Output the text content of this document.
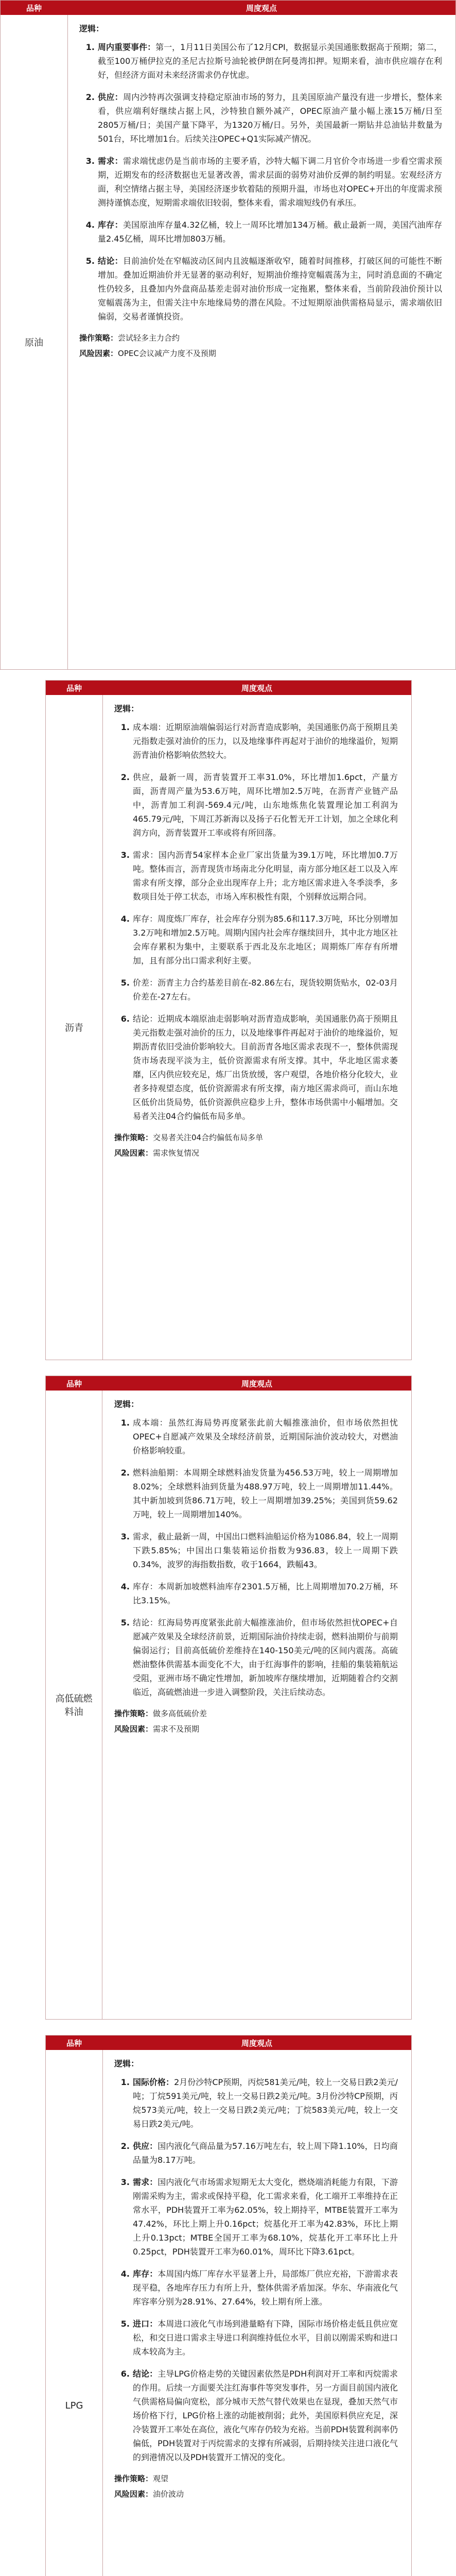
品种	周度观点
原油
逻辑：
1. 周内重要事件：第一，1月11日美国公布了12月CPI，数据显示美国通胀数据高于预期；第二，截至100万桶伊拉克的圣尼古拉斯号油轮被伊朗在阿曼湾扣押。短期来看，油市供应端存在利好，但经济方面对未来经济需求仍存忧虑。
2. 供应：周内沙特再次强调支持稳定原油市场的努力，且美国原油产量没有进一步增长，整体来看，供应端利好继续占据上风，沙特独自额外减产，OPEC原油产量小幅上涨15万桶/日至2805万桶/日；美国产量下降平，为1320万桶/日。另外，美国最新一期钻井总油钻井数量为501台，环比增加1台。后续关注OPEC+Q1实际减产情况。
3. 需求：需求端忧虑仍是当前市场的主要矛盾，沙特大幅下调二月官价令市场进一步看空需求预期，近期发布的经济数据也无显著改善，需求层面的弱势对油价反弹的制约明显。宏观经济方面，利空情绪占据主导，美国经济逐步软着陆的预期升温，市场也对OPEC+开出的年度需求预测持谨慎态度，短期需求端依旧较弱，整体来看，需求端短线仍有承压。
4. 库存：美国原油库存量4.32亿桶，较上一周环比增加134万桶。截止最新一周，美国汽油库存量2.45亿桶，周环比增加803万桶。
5. 结论：目前油价处在窄幅波动区间内且波幅逐渐收窄，随着时间推移，打破区间的可能性不断增加。叠加近期油价并无显著的驱动利好，短期油价维持宽幅震荡为主，同时消息面的不确定性仍较多，且叠加内外盘商品基差走弱对油价形成一定拖累，整体来看，当前阶段油价预计以宽幅震荡为主，但需关注中东地缘局势的潜在风险。不过短期原油供需格局显示，需求端依旧偏弱，交易者谨慎投资。
操作策略：尝试轻多主力合约
风险因素：OPEC会议减产力度不及预期
品种	周度观点
沥青
逻辑：
1. 成本端：近期原油端偏弱运行对沥青造成影响，美国通胀仍高于预期且美元指数走强对油价的压力，以及地缘事件再起对于油价的地缘溢价，短期沥青油价格影响依然较大。
2. 供应，最新一周，沥青装置开工率31.0%，环比增加1.6pct，产量方面，沥青周产量为53.6万吨，周环比增加2.5万吨，在沥青产业链产品中，沥青加工利润-569.4元/吨，山东地炼焦化装置理论加工利润为465.79元/吨，下周江苏新海以及扬子石化暂无开工计划，加之全球化利润方向，沥青装置开工率或将有所回落。
3. 需求：国内沥青54家样本企业厂家出货量为39.1万吨，环比增加0.7万吨。整体而言，沥青现货市场南北分化明显，南方部分地区赶工以及入库需求有所支撑，部分企业出现库存上升；北方地区需求进入冬季淡季，多数项目处于停工状态，市场入库积极性有限，个别释放远期合同。
4. 库存：周度炼厂库存，社会库存分别为85.6和117.3万吨，环比分别增加3.2万吨和增加2.5万吨。周期内国内社会库存继续回升，其中北方地区社会库存累积为集中，主要联系于西北及东北地区；周期炼厂库存有所增加，且有部分出口需求利好主要。
5. 价差：沥青主力合约基差目前在-82.86左右，现货较期货贴水，02-03月价差在-27左右。
6. 结论：近期成本端原油走弱影响对沥青造成影响，美国通胀仍高于预期且美元指数走强对油价的压力，以及地缘事件再起对于油价的地缘溢价，短期沥青依旧受油价影响较大。目前沥青各地区需求表现不一，整体供需现货市场表现平淡为主，低价资源需求有所支撑。其中，华北地区需求萎靡，区内供应较充足，炼厂出货放缓，客户观望，各地价格分化较大，业者多持观望态度，低价资源需求有所支撑，南方地区需求尚可，而山东地区低价出货局势，低价资源供应稳步上升，整体市场供需中小幅增加。交易者关注04合约偏低布局多单。
操作策略：交易者关注04合约偏低布局多单
风险因素：需求恢复情况
品种	周度观点
高低硫燃料油
逻辑：
1. 成本端：虽然红海局势再度紧张此前大幅推涨油价，但市场依然担忧OPEC+自愿减产效果及全球经济前景，近期国际油价波动较大，对燃油价格影响较重。
2. 燃料油船期：本周期全球燃料油发货量为456.53万吨，较上一周期增加8.02%；全球燃料油到货量为488.97万吨，较上一周期增加11.44%。其中新加坡到货86.71万吨，较上一周期增加39.25%；美国到货59.62万吨，较上一周期增加140%。
3. 需求，截止最新一周，中国出口燃料油船运价格为1086.84，较上一周期下跌5.85%；中国出口集装箱运价指数为936.83，较上一周期下跌0.34%，波罗的海指数指数，收于1664，跌幅43。
4. 库存：本周新加坡燃料油库存2301.5万桶，比上周期增加70.2万桶，环比3.15%。
5. 结论：红海局势再度紧张此前大幅推涨油价，但市场依然担忧OPEC+自愿减产效果及全球经济前景，近期国际油价持续走弱，燃料油期价与前期偏弱运行；目前高低硫价差维持在140-150美元/吨的区间内震荡。高硫燃油整体供需基本面变化不大，由于红海事件的影响，挂船的集装箱航运受阻，亚洲市场不确定性增加，新加坡库存继续增加，近期随着合约交割临近，高硫燃油进一步进入调整阶段，关注后续动态。
操作策略：做多高低硫价差
风险因素：需求不及预期
品种	周度观点
LPG
逻辑：
1. 国际价格：2月份沙特CP预期，丙烷581美元/吨，较上一交易日跌2美元/吨；丁烷591美元/吨，较上一交易日跌2美元/吨。3月份沙特CP预期，丙烷573美元/吨，较上一交易日跌2美元/吨；丁烷583美元/吨，较上一交易日跌2美元/吨。
2. 供应：国内液化气商品量为57.16万吨左右，较上周下降1.10%，日均商品量为8.17万吨。
3. 需求：国内液化气市场需求短期无太大变化，燃烧端消耗能力有限，下游刚需采购为主，需求或保持平稳，化工需求来看，化工端开工率维持在正常水平，PDH装置开工率为62.05%，较上期持平，MTBE装置开工率为47.42%，环比上期上升0.16pct；烷基化开工率为42.83%，环比上期上升0.13pct；MTBE全国开工率为68.10%，烷基化开工率环比上升0.25pct，PDH装置开工率为60.01%，周环比下降3.61pct。
4. 库存：本周国内炼厂库存水平显著上升，局部炼厂供应充裕，下游需求表现平稳，各地库存压力有所上升，整体供需矛盾加深。华东、华南液化气库容率分别为28.91%、27.64%，较上期有所上涨。
5. 进口：本周进口液化气市场到港量略有下降，国际市场价格走低且供应宽松，和交日进口需求主导进口利润维持低位水平，目前以刚需采购和进口成本较高为主。
6. 结论：主导LPG价格走势的关键因素依然是PDH利润对开工率和丙烷需求的作用。后续一方面要关注红海事件等突发事件，另一方面目前国内液化气供需格局偏向宽松，部分城市天然气替代效果也在显现，叠加天然气市场价格下行，LPG价格上涨的动能被削弱；此外，美国原料供应充足，深冷装置开工率处在高位，液化气库存仍较为充裕。当前PDH装置利润率仍偏低，PDH装置对于丙烷需求的支撑有所减弱，后期持续关注进口液化气的到港情况以及PDH装置开工情况的变化。
操作策略：观望
风险因素：油价波动
